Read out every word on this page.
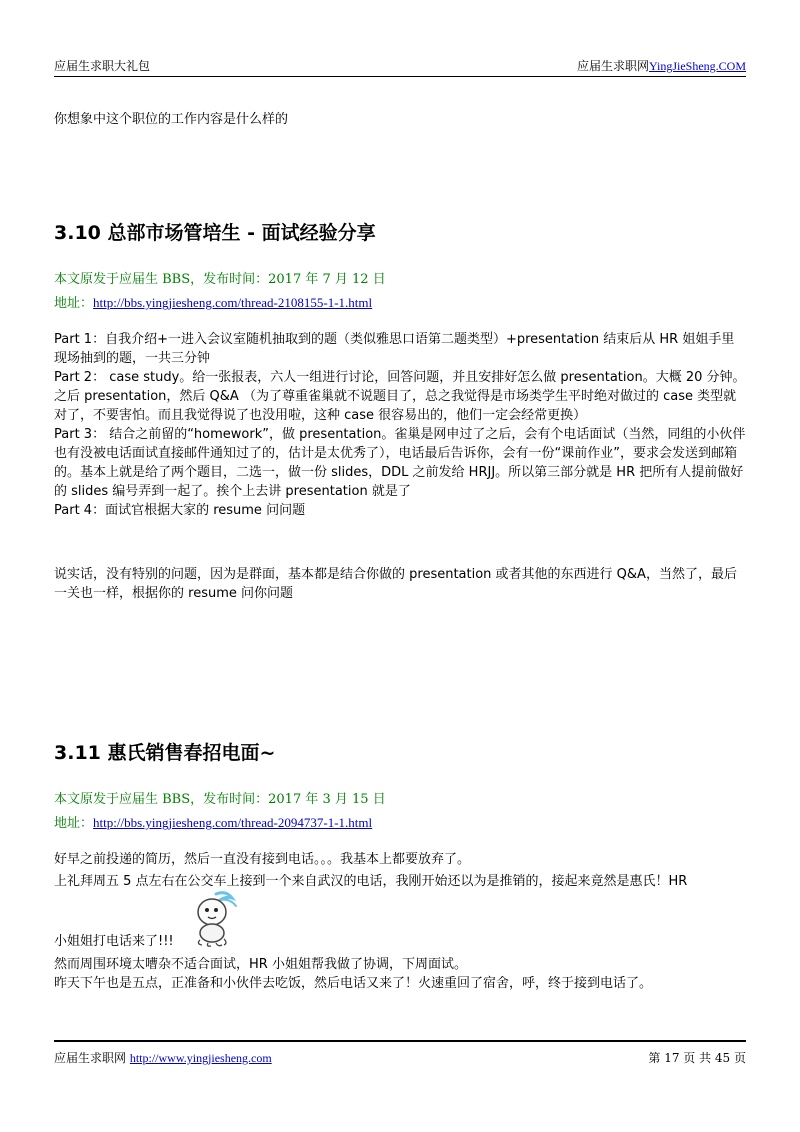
应届生求职大礼包	应届生求职网YingJieSheng.COM

你想象中这个职位的工作内容是什么样的

3.10 总部市场管培生 - 面试经验分享
本文原发于应届生 BBS，发布时间：2017 年 7 月 12 日
地址：http://bbs.yingjiesheng.com/thread-2108155-1-1.html

Part 1：自我介绍+一进入会议室随机抽取到的题（类似雅思口语第二题类型）+presentation 结束后从 HR 姐姐手里现场抽到的题，一共三分钟

Part 2： case study。给一张报表，六人一组进行讨论，回答问题，并且安排好怎么做 presentation。大概 20 分钟。之后 presentation，然后 Q&A （为了尊重雀巢就不说题目了，总之我觉得是市场类学生平时绝对做过的 case 类型就对了，不要害怕。而且我觉得说了也没用啦，这种 case 很容易出的，他们一定会经常更换）

Part 3： 结合之前留的“homework”，做 presentation。雀巢是网申过了之后，会有个电话面试（当然，同组的小伙伴也有没被电话面试直接邮件通知过了的，估计是太优秀了），电话最后告诉你，会有一份“课前作业”，要求会发送到邮箱的。基本上就是给了两个题目，二选一，做一份 slides，DDL 之前发给 HRJJ。所以第三部分就是 HR 把所有人提前做好的 slides 编号弄到一起了。挨个上去讲 presentation 就是了

Part 4：面试官根据大家的 resume 问问题

说实话，没有特别的问题，因为是群面，基本都是结合你做的 presentation 或者其他的东西进行 Q&A，当然了，最后一关也一样，根据你的 resume 问你问题

3.11 惠氏销售春招电面~
本文原发于应届生 BBS，发布时间：2017 年 3 月 15 日
地址：http://bbs.yingjiesheng.com/thread-2094737-1-1.html

好早之前投递的简历，然后一直没有接到电话。。。我基本上都要放弃了。

上礼拜周五 5 点左右在公交车上接到一个来自武汉的电话，我刚开始还以为是推销的，接起来竟然是惠氏！HR
小姐姐打电话来了!!!

然而周围环境太嘈杂不适合面试，HR 小姐姐帮我做了协调，下周面试。

昨天下午也是五点，正准备和小伙伴去吃饭，然后电话又来了！火速重回了宿舍，呼，终于接到电话了。

应届生求职网 http://www.yingjiesheng.com	第 17 页 共 45 页
